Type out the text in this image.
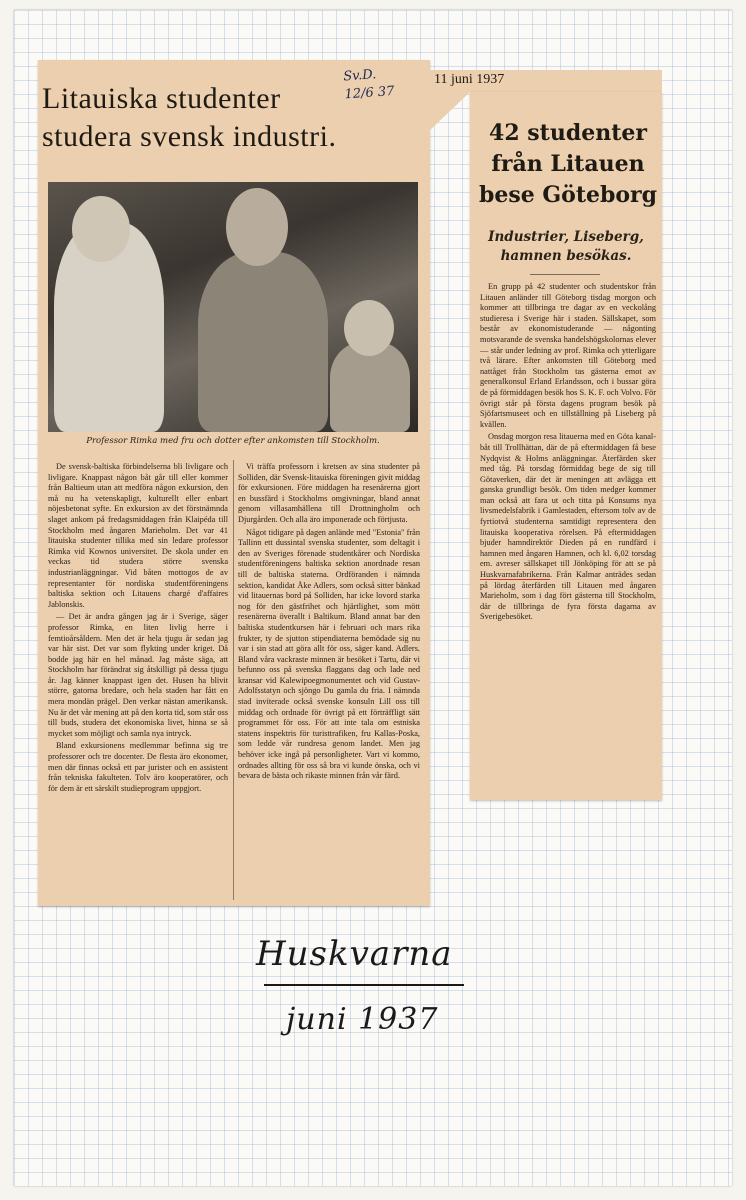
Litauiska studenter
studera svensk industri.
Sv.D.
12/6 37
Professor Rimka med fru och dotter efter ankomsten till Stockholm.

De svensk-baltiska förbindelserna bli livligare och livligare. Knappast någon båt går till eller kommer från Baltieum utan att medföra någon exkursion, den må nu ha vetenskapligt, kulturellt eller enbart nöjesbetonat syfte. En exkursion av det förstnämnda slaget ankom på fredagsmiddagen från Klaipéda till Stockholm med ångaren Marieholm. Det var 41 litauiska studenter tillika med sin ledare professor Rimka vid Kownos universitet. De skola under en veckas tid studera större svenska industrianläggningar. Vid båten mottogos de av representanter för nordiska studentföreningens baltiska sektion och Litauens chargé d'affaires Jablonskis.

— Det är andra gången jag är i Sverige, säger professor Rimka, en liten livlig herre i femtioårsåldern. Men det är hela tjugu år sedan jag var här sist. Det var som flykting under kriget. Då bodde jag här en hel månad. Jag måste säga, att Stockholm har förändrat sig åtskilligt på dessa tjugu år. Jag känner knappast igen det. Husen ha blivit större, gatorna bredare, och hela staden har fått en mera mondän prägel. Den verkar nästan amerikansk. Nu är det vår mening att på den korta tid, som står oss till buds, studera det ekonomiska livet, hinna se så mycket som möjligt och samla nya intryck.

Bland exkursionens medlemmar befinna sig tre professorer och tre docenter. De flesta äro ekonomer, men där finnas också ett par jurister och en assistent från tekniska fakulteten. Tolv äro kooperatörer, och för dem är ett särskilt studieprogram uppgjort.

Vi träffa professorn i kretsen av sina studenter på Solliden, där Svensk-litauiska föreningen givit middag för exkursionen. Före middagen ha resenärerna gjort en bussfärd i Stockholms omgivningar, bland annat genom villasamhällena till Drottningholm och Djurgården. Och alla äro imponerade och förtjusta.

Något tidigare på dagen anlände med "Estonia" från Tallinn ett dussintal svenska studenter, som deltagit i den av Sveriges förenade studentkårer och Nordiska studentföreningens baltiska sektion anordnade resan till de baltiska staterna. Ordföranden i nämnda sektion, kandidat Åke Adlers, som också sitter bänkad vid litauernas bord på Solliden, har icke lovord starka nog för den gästfrihet och hjärtlighet, som mött resenärerna överallt i Baltikum. Bland annat bar den baltiska studentkursen här i februari och mars rika frukter, ty de sjutton stipendiaterna bemödade sig nu var i sin stad att göra allt för oss, säger kand. Adlers. Bland våra vackraste minnen är besöket i Tartu, där vi befunno oss på svenska flaggans dag och lade ned kransar vid Kalewipoegmonumentet och vid Gustav-Adolfsstatyn och sjöngo Du gamla du fria. I nämnda stad inviterade också svenske konsuln Lill oss till middag och ordnade för övrigt på ett förträffligt sätt programmet för oss. För att inte tala om estniska statens inspektris för turisttrafiken, fru Kallas-Poska, som ledde vår rundresa genom landet. Men jag behöver icke ingå på personligheter. Vart vi kommo, ordnades allting för oss så bra vi kunde önska, och vi bevara de bästa och rikaste minnen från vår färd.

11 juni 1937
42 studenter
från Litauen
bese Göteborg
Industrier, Liseberg,
hamnen besökas.

En grupp på 42 studenter och studentskor från Litauen anländer till Göteborg tisdag morgon och kommer att tillbringa tre dagar av en veckolång studieresa i Sverige här i staden. Sällskapet, som består av ekonomistuderande — någonting motsvarande de svenska handelshögskolornas elever — står under ledning av prof. Rimka och ytterligare två lärare. Efter ankomsten till Göteborg med nattåget från Stockholm tas gästerna emot av generalkonsul Erland Erlandsson, och i bussar göra de på förmiddagen besök hos S. K. F. och Volvo. För övrigt står på första dagens program besök på Sjöfartsmuseet och en tillställning på Liseberg på kvällen.

Onsdag morgon resa litauerna med en Göta kanal-båt till Trollhättan, där de på eftermiddagen få bese Nydqvist & Holms anläggningar. Återfärden sker med tåg. På torsdag förmiddag bege de sig till Götaverken, där det är meningen att avlägga ett ganska grundligt besök. Om tiden medger kommer man också att fara ut och titta på Konsums nya livsmedelsfabrik i Gamlestaden, eftersom tolv av de fyrtiotvå studenterna samtidigt representera den litauiska kooperativa rörelsen. På eftermiddagen bjuder hamndirektör Dieden på en rundfärd i hamnen med ångaren Hamnen, och kl. 6,02 torsdag em. avreser sällskapet till Jönköping för att se på Huskvarnafabrikerna. Från Kalmar anträdes sedan på lördag återfärden till Litauen med ångaren Marieholm, som i dag fört gästerna till Stockholm, där de tillbringa de fyra första dagarna av Sverigebesöket.

Huskvarna
juni 1937
